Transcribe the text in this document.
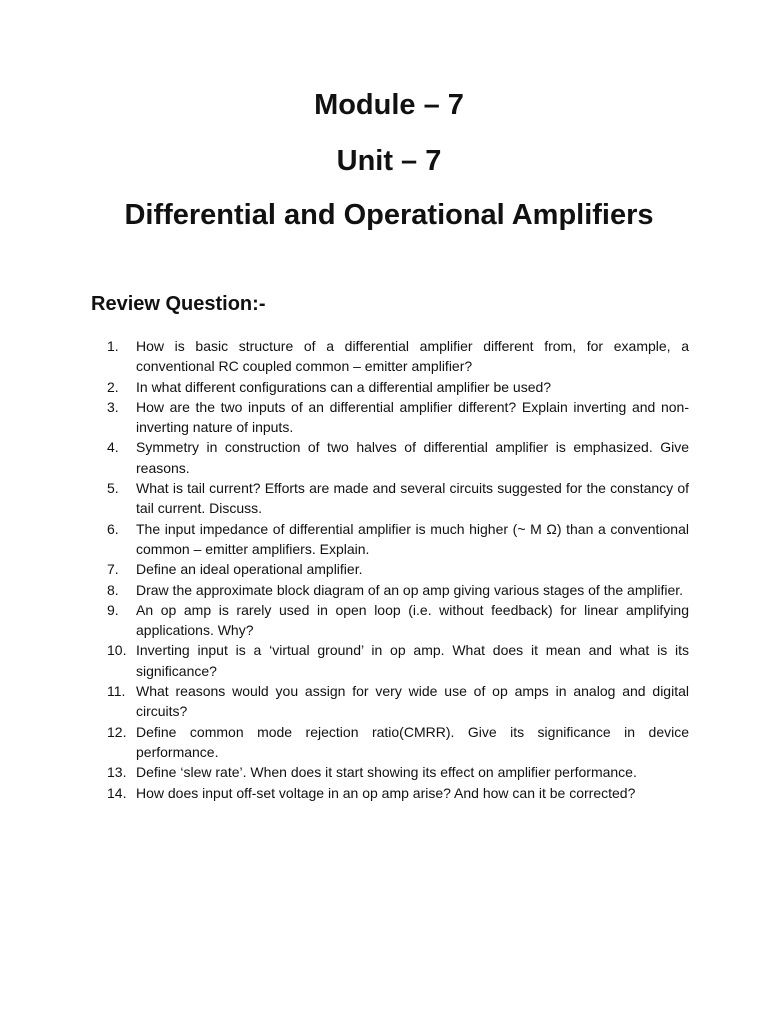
Module – 7
Unit – 7
Differential and Operational Amplifiers
Review Question:-
1.	How is basic structure of a differential amplifier different from, for example, a conventional RC coupled common – emitter amplifier?
2.	In what different configurations can a differential amplifier be used?
3.	How are the two inputs of an differential amplifier different? Explain inverting and non-inverting nature of inputs.
4.	Symmetry in construction of two halves of differential amplifier is emphasized. Give reasons.
5.	What is tail current? Efforts are made and several circuits suggested for the constancy of tail current. Discuss.
6.	The input impedance of differential amplifier is much higher (~ M Ω) than a conventional common – emitter amplifiers. Explain.
7.	Define an ideal operational amplifier.
8.	Draw the approximate block diagram of an op amp giving various stages of the amplifier.
9.	An op amp is rarely used in open loop (i.e. without feedback) for linear amplifying applications. Why?
10. Inverting input is a ‘virtual ground’ in op amp. What does it mean and what is its significance?
11. What reasons would you assign for very wide use of op amps in analog and digital circuits?
12. Define common mode rejection ratio(CMRR). Give its significance in device performance.
13. Define ‘slew rate’. When does it start showing its effect on amplifier performance.
14. How does input off-set voltage in an op amp arise? And how can it be corrected?
